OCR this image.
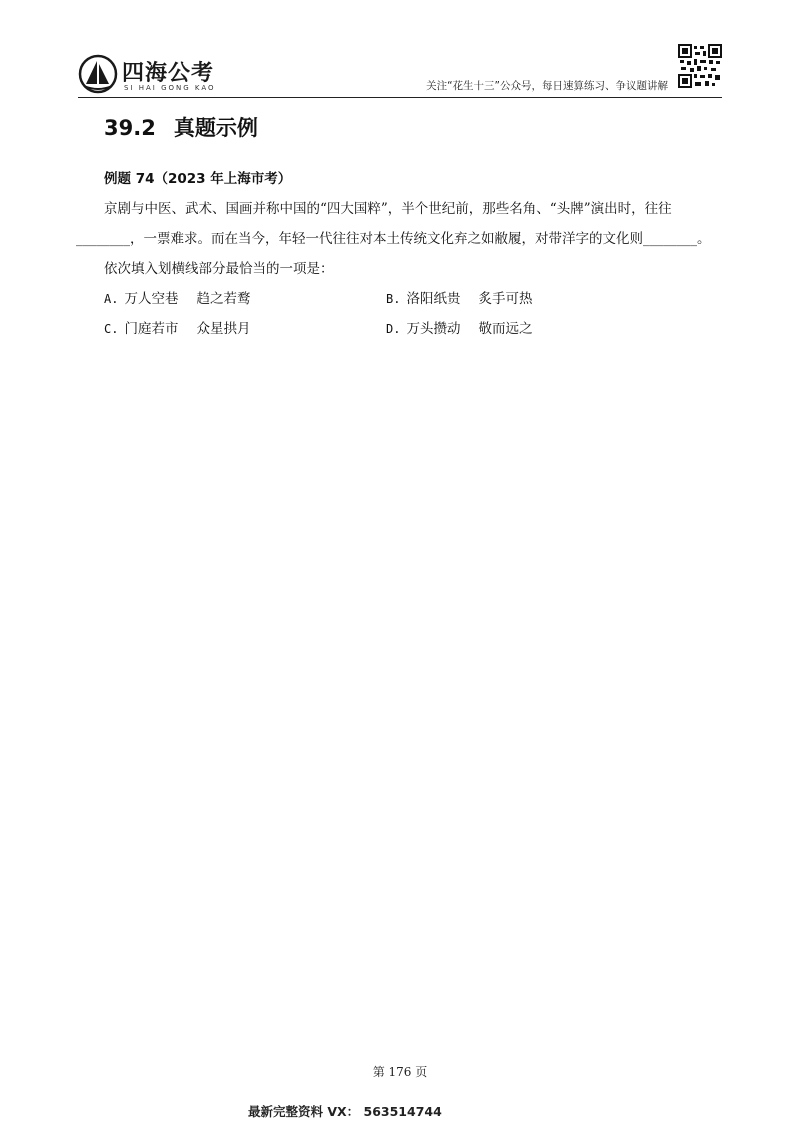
四海公考
SI HAI GONG KAO	关注“花生十三”公众号，每日速算练习、争议题讲解
39.2 真题示例
例题 74（2023 年上海市考）
京剧与中医、武术、国画并称中国的“四大国粹”，半个世纪前，那些名角、“头牌”演出时，往往
________，一票难求。而在当今，年轻一代往往对本土传统文化弃之如敝履，对带洋字的文化则________。
依次填入划横线部分最恰当的一项是：
A. 万人空巷 趋之若鹜	B. 洛阳纸贵 炙手可热
C. 门庭若市 众星拱月	D. 万头攒动 敬而远之
第 176 页
最新完整资料 VX： 563514744
